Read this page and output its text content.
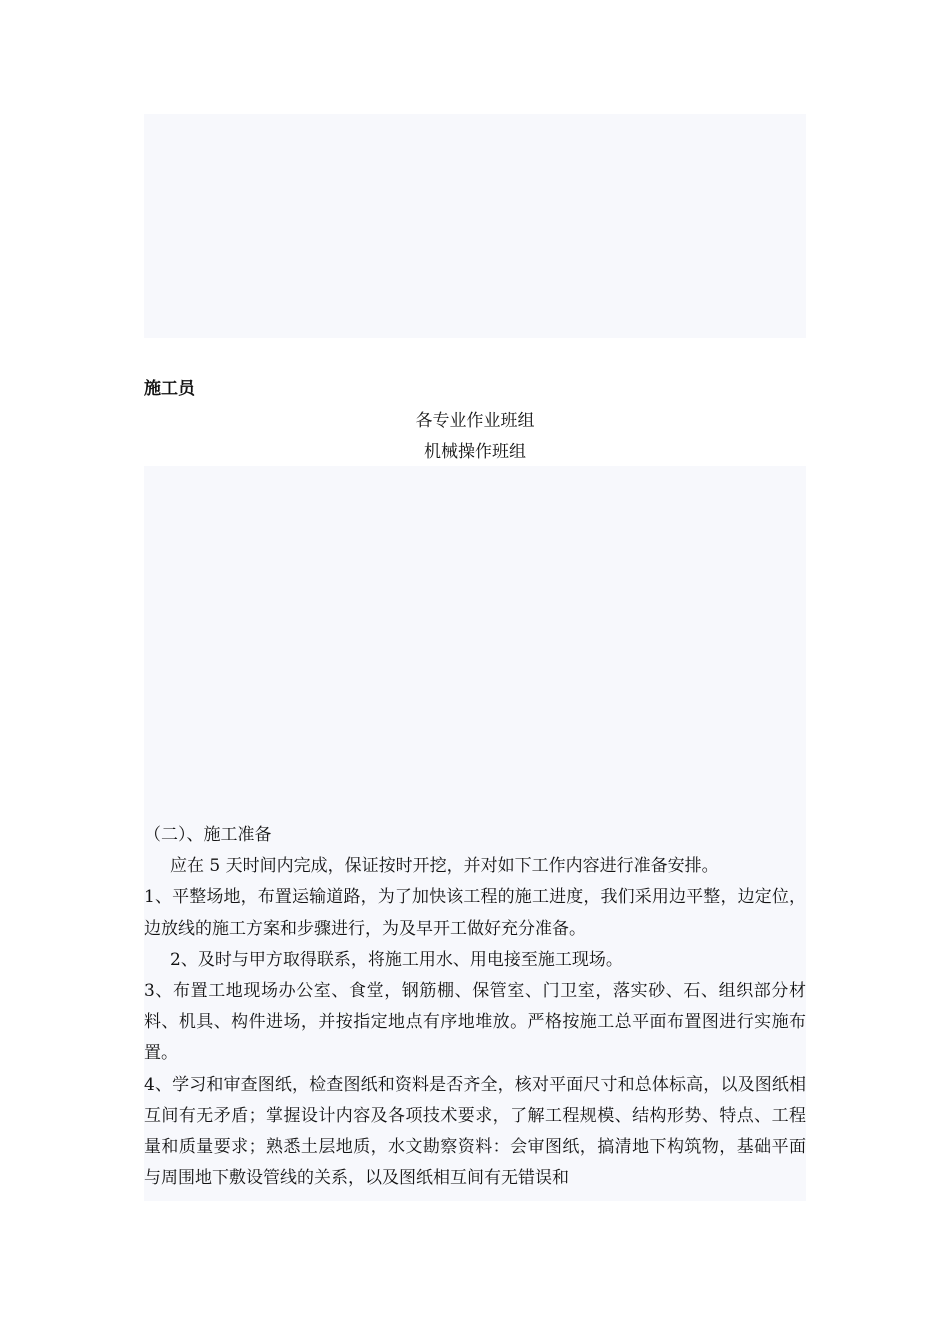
施工员
各专业作业班组
机械操作班组

（二）、施工准备

应在 5 天时间内完成，保证按时开挖，并对如下工作内容进行准备安排。

1、平整场地，布置运输道路，为了加快该工程的施工进度，我们采用边平整，边定位，边放线的施工方案和步骤进行，为及早开工做好充分准备。

2、及时与甲方取得联系，将施工用水、用电接至施工现场。

3、布置工地现场办公室、食堂，钢筋棚、保管室、门卫室，落实砂、石、组织部分材料、机具、构件进场，并按指定地点有序地堆放。严格按施工总平面布置图进行实施布置。

4、学习和审查图纸，检查图纸和资料是否齐全，核对平面尺寸和总体标高，以及图纸相互间有无矛盾；掌握设计内容及各项技术要求，了解工程规模、结构形势、特点、工程量和质量要求；熟悉土层地质，水文勘察资料：会审图纸，搞清地下构筑物，基础平面与周围地下敷设管线的关系，以及图纸相互间有无错误和
